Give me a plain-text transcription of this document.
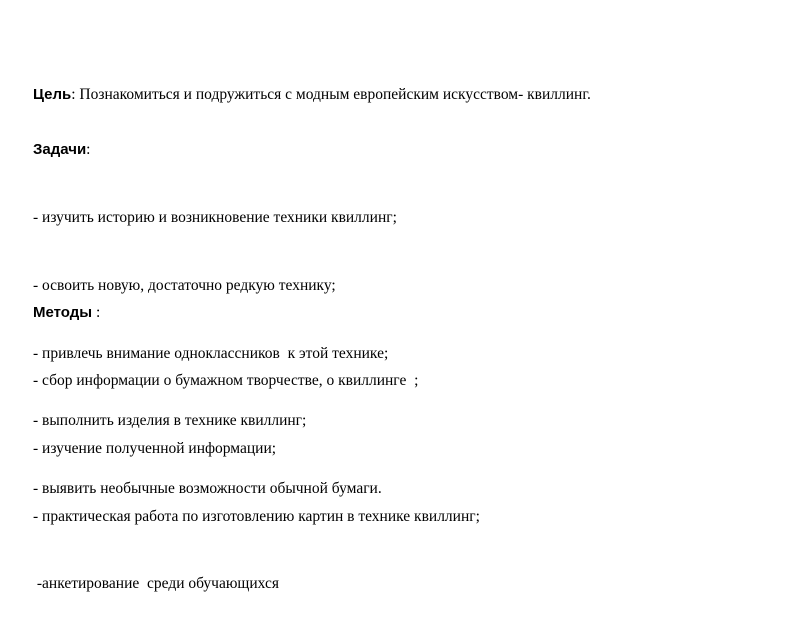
Цель: Познакомиться и подружиться с модным европейским искусством- квиллинг.

Задачи:

- изучить историю и возникновение техники квиллинг;

- освоить новую, достаточно редкую технику;

- привлечь внимание одноклассников  к этой технике;

- выполнить изделия в технике квиллинг;

- выявить необычные возможности обычной бумаги.

Методы :

- сбор информации о бумажном творчестве, о квиллинге  ;

- изучение полученной информации;

- практическая работа по изготовлению картин в технике квиллинг;

-анкетирование  среди обучающихся
